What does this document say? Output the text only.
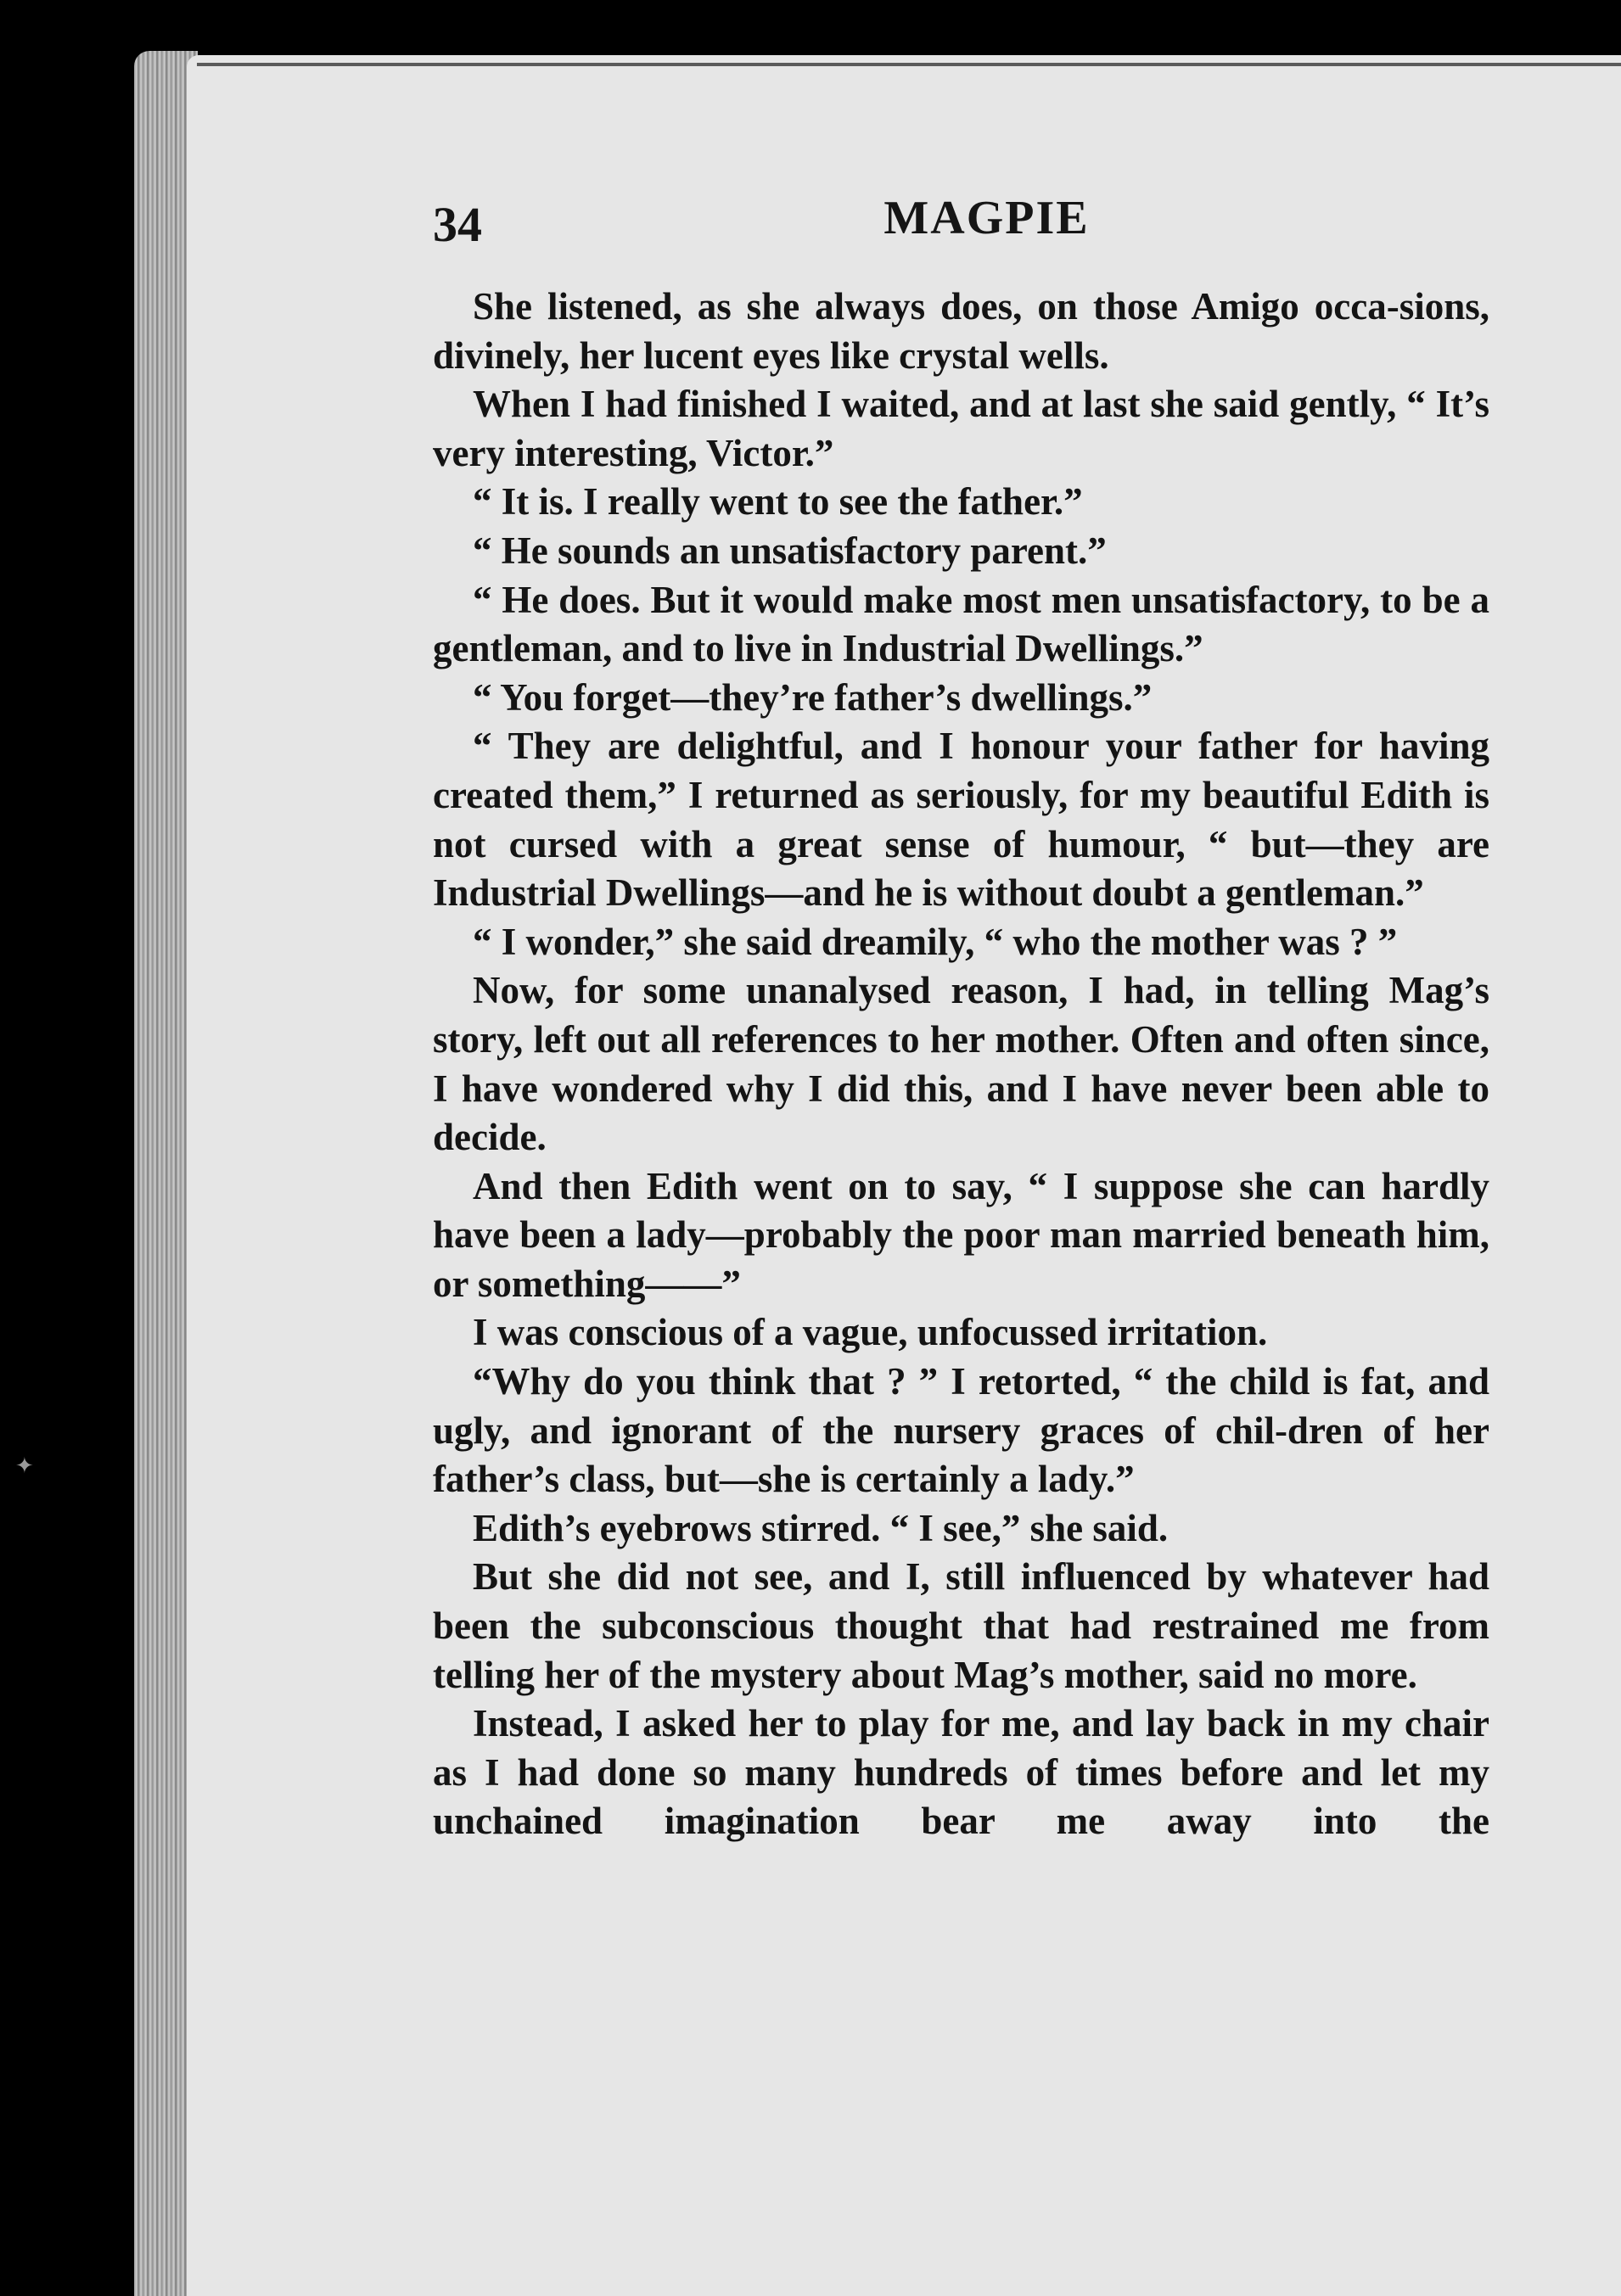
✦
34	MAGPIE

She listened, as she always does, on those Amigo occa-sions, divinely, her lucent eyes like crystal wells.

When I had finished I waited, and at last she said gently, “ It’s very interesting, Victor.”

“ It is. I really went to see the father.”

“ He sounds an unsatisfactory parent.”

“ He does. But it would make most men unsatisfactory, to be a gentleman, and to live in Industrial Dwellings.”

“ You forget—they’re father’s dwellings.”

“ They are delightful, and I honour your father for having created them,” I returned as seriously, for my beautiful Edith is not cursed with a great sense of humour, “ but—they are Industrial Dwellings—and he is without doubt a gentleman.”

“ I wonder,” she said dreamily, “ who the mother was ? ”

Now, for some unanalysed reason, I had, in telling Mag’s story, left out all references to her mother. Often and often since, I have wondered why I did this, and I have never been able to decide.

And then Edith went on to say, “ I suppose she can hardly have been a lady—probably the poor man married beneath him, or something——”

I was conscious of a vague, unfocussed irritation.

“Why do you think that ? ” I retorted, “ the child is fat, and ugly, and ignorant of the nursery graces of chil-dren of her father’s class, but—she is certainly a lady.”

Edith’s eyebrows stirred. “ I see,” she said.

But she did not see, and I, still influenced by whatever had been the subconscious thought that had restrained me from telling her of the mystery about Mag’s mother, said no more.

Instead, I asked her to play for me, and lay back in my chair as I had done so many hundreds of times before and let my unchained imagination bear me away into the
